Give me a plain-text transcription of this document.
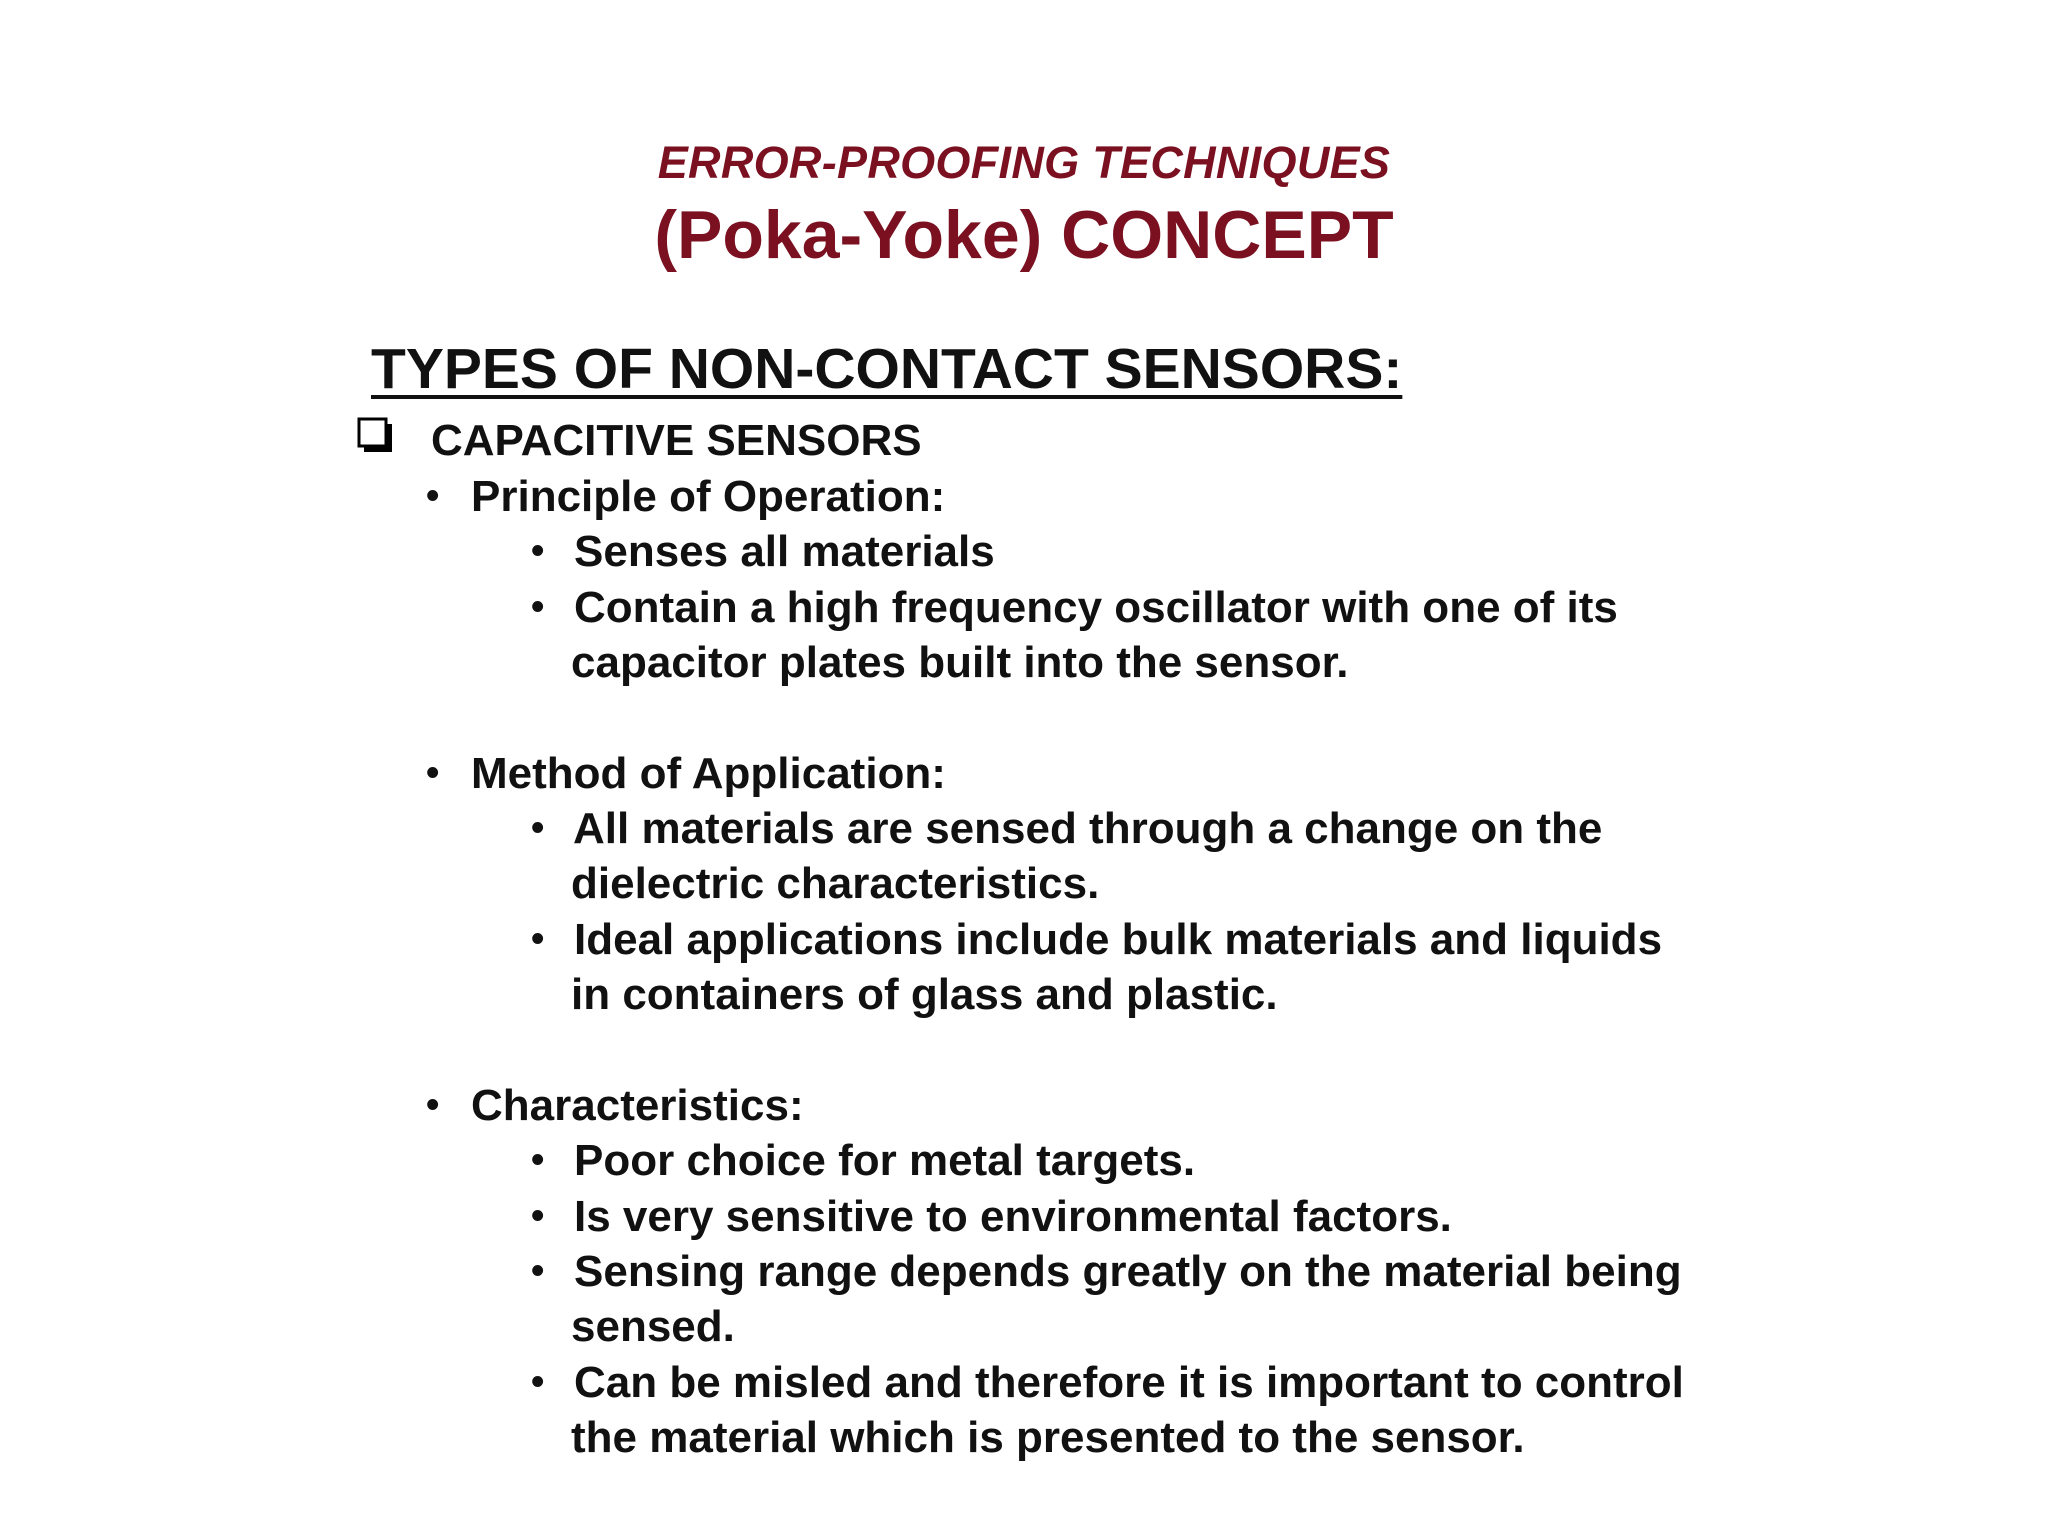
ERROR-PROOFING TECHNIQUES
(Poka-Yoke) CONCEPT
TYPES OF NON-CONTACT SENSORS:
CAPACITIVE SENSORS
• Principle of Operation:
• Senses all materials
• Contain a high frequency oscillator with one of its
capacitor plates built into the sensor.
• Method of Application:
• All materials are sensed through a change on the
dielectric characteristics.
• Ideal applications include bulk materials and liquids
in containers of glass and plastic.
• Characteristics:
• Poor choice for metal targets.
• Is very sensitive to environmental factors.
• Sensing range depends greatly on the material being
sensed.
• Can be misled and therefore it is important to control
the material which is presented to the sensor.
